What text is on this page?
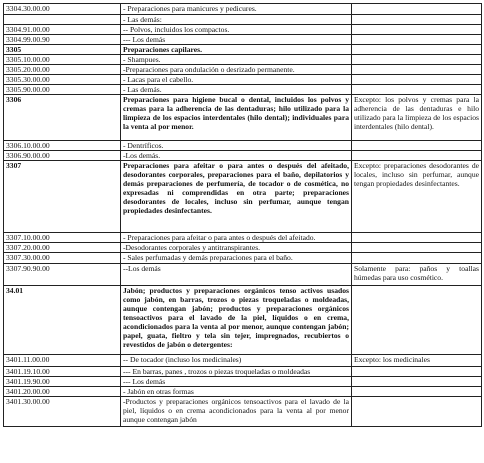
3304.30.00.00	- Preparaciones para manicures y pedicures.	
	- Las demás:	
3304.91.00.00	-- Polvos, incluidos los compactos.	
3304.99.00.90	--- Los demás	
3305	Preparaciones capilares.	
3305.10.00.00	- Shampues.	
3305.20.00.00	-Preparaciones para ondulación o desrizado permanente.	
3305.30.00.00	- Lacas para el cabello.	
3305.90.00.00	- Las demás.	
3306	Preparaciones para higiene bucal o dental, incluidos los polvos y cremas para la adherencia de las dentaduras; hilo utilizado para la limpieza de los espacios interdentales (hilo dental); individuales para la venta al por menor.	Excepto: los polvos y cremas para la adherencia de las dentaduras e hilo utilizado para la limpieza de los espacios interdentales (hilo dental).
3306.10.00.00	- Dentríficos.	
3306.90.00.00	-Los demás.	
3307	Preparaciones para afeitar o para antes o después del afeitado, desodorantes corporales, preparaciones para el baño, depilatorios y demás preparaciones de perfumería, de tocador o de cosmética, no expresadas ni comprendidas en otra parte; preparaciones desodorantes de locales, incluso sin perfumar, aunque tengan propiedades desinfectantes.	Excepto: preparaciones desodorantes de locales, incluso sin perfumar, aunque tengan propiedades desinfectantes.
3307.10.00.00	- Preparaciones para afeitar o para antes o después del afeitado.	
3307.20.00.00	-Desodorantes corporales y antitranspirantes.	
3307.30.00.00	- Sales perfumadas y demás preparaciones para el baño.	
3307.90.90.00	--Los demás	Solamente para: paños y toallas húmedas para uso cosmético.
34.01	Jabón; productos y preparaciones orgánicos tenso activos usados como jabón, en barras, trozos o piezas troqueladas o moldeadas, aunque contengan jabón; productos y preparaciones orgánicos tensoactivos para el lavado de la piel, líquidos o en crema, acondicionados para la venta al por menor, aunque contengan jabón; papel, guata, fieltro y tela sin tejer, impregnados, recubiertos o revestidos de jabón o detergentes:	
3401.11.00.00	-- De tocador (incluso los medicinales)	Excepto: los medicinales
3401.19.10.00	--- En barras, panes , trozos o piezas troqueladas o moldeadas	
3401.19.90.00	--- Los demás	
3401.20.00.00	- Jabón en otras formas	
3401.30.00.00	-Productos y preparaciones orgánicos tensoactivos para el lavado de la piel, líquidos o en crema acondicionados para la venta al por menor aunque contengan jabón	
